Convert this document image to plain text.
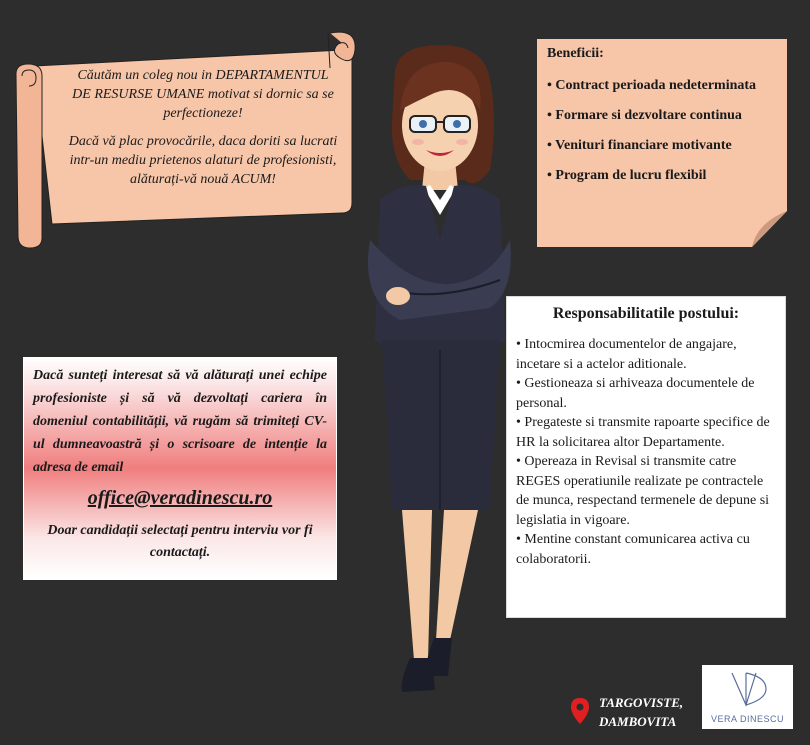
Căutăm un coleg nou in DEPARTAMENTUL DE RESURSE UMANE motivat si dornic sa se perfectioneze!

Dacă vă plac provocările, daca doriti sa lucrati intr-un mediu prietenos alaturi de profesionisti, alăturați-vă nouă ACUM!

Beneficii:
• Contract perioada nedeterminata
• Formare si dezvoltare continua
• Venituri financiare motivante
• Program de lucru flexibil

Dacă sunteți interesat să vă alăturați unei echipe profesioniste și să vă dezvoltați cariera în domeniul contabilității, vă rugăm să trimiteți CV-ul dumneavoastră și o scrisoare de intenție la adresa de email

office@veradinescu.ro

Doar candidații selectați pentru interviu vor fi contactați.

Responsabilitatile postului:
• Intocmirea documentelor de angajare, incetare si a actelor aditionale.
• Gestioneaza si arhiveaza documentele de personal.
• Pregateste si transmite rapoarte specifice de HR la solicitarea altor Departamente.
• Opereaza in Revisal si transmite catre REGES operatiunile realizate pe contractele de munca, respectand termenele de depune si legislatia in vigoare.
• Mentine constant comunicarea activa cu colaboratorii.
TARGOVISTE,
DAMBOVITA	VERA DINESCU
